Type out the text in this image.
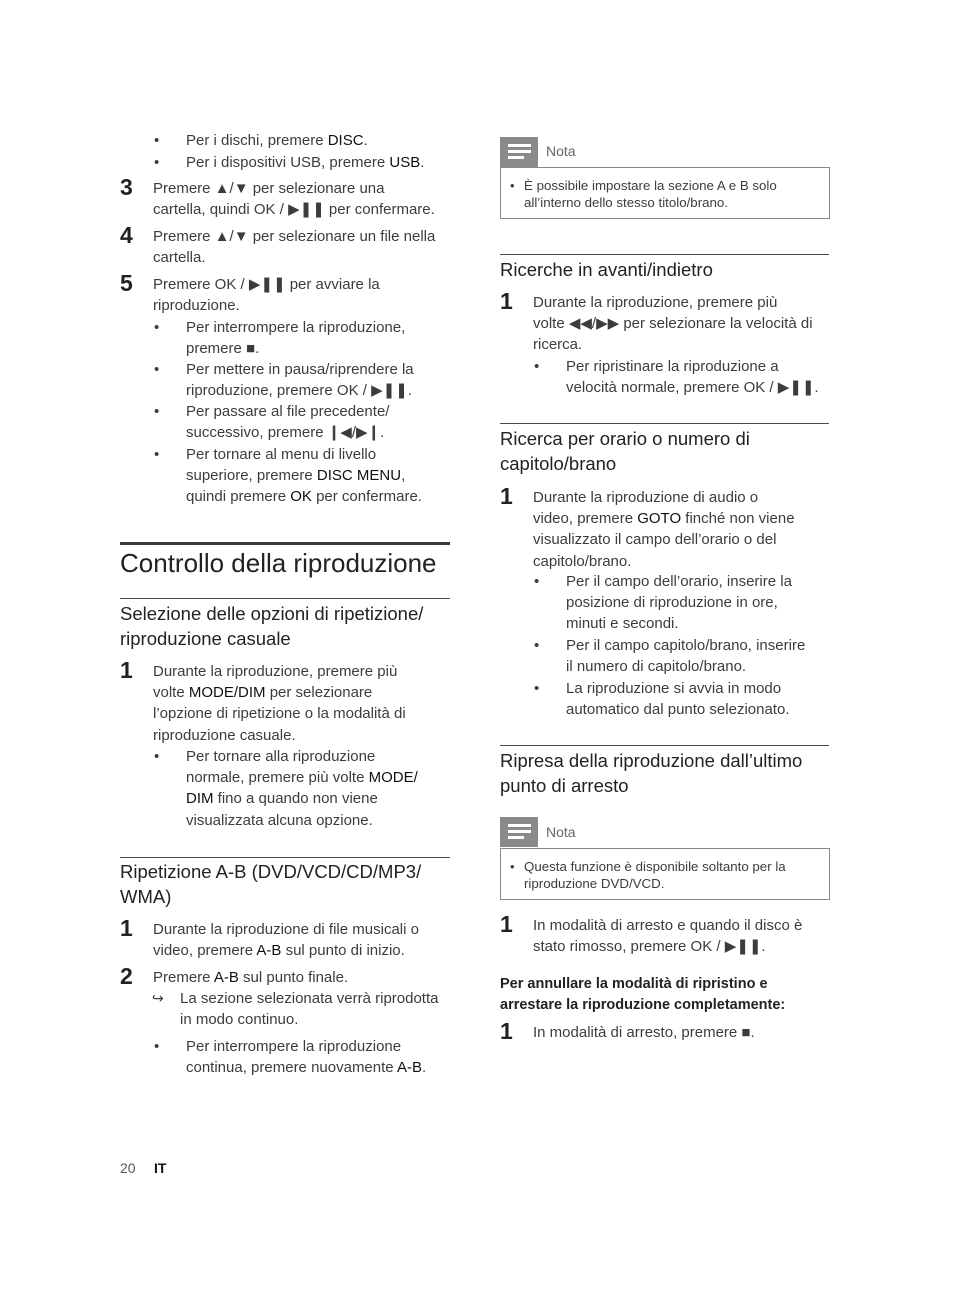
• Per i dischi, premere DISC.
• Per i dispositivi USB, premere USB.
3 Premere ▲/▼ per selezionare una
cartella, quindi OK / ▶❚❚ per confermare.
4 Premere ▲/▼ per selezionare un file nella
cartella.
5 Premere OK / ▶❚❚ per avviare la
riproduzione.
• Per interrompere la riproduzione,
premere ■.
• Per mettere in pausa/riprendere la
riproduzione, premere OK / ▶❚❚.
• Per passare al file precedente/
successivo, premere ❙◀/▶❙.
• Per tornare al menu di livello
superiore, premere DISC MENU,
quindi premere OK per confermare.
Controllo della riproduzione
Selezione delle opzioni di ripetizione/
riproduzione casuale
1 Durante la riproduzione, premere più
volte MODE/DIM per selezionare
l’opzione di ripetizione o la modalità di
riproduzione casuale.
• Per tornare alla riproduzione
normale, premere più volte MODE/
DIM fino a quando non viene
visualizzata alcuna opzione.
Ripetizione A-B (DVD/VCD/CD/MP3/
WMA)
1 Durante la riproduzione di file musicali o
video, premere A-B sul punto di inizio.
2 Premere A-B sul punto finale.
↪ La sezione selezionata verrà riprodotta
in modo continuo.
• Per interrompere la riproduzione
continua, premere nuovamente A-B.
Nota
• È possibile impostare la sezione A e B solo
all’interno dello stesso titolo/brano.
Ricerche in avanti/indietro
1 Durante la riproduzione, premere più
volte ◀◀/▶▶ per selezionare la velocità di
ricerca.
• Per ripristinare la riproduzione a
velocità normale, premere OK / ▶❚❚.
Ricerca per orario o numero di
capitolo/brano
1 Durante la riproduzione di audio o
video, premere GOTO finché non viene
visualizzato il campo dell’orario o del
capitolo/brano.
• Per il campo dell’orario, inserire la
posizione di riproduzione in ore,
minuti e secondi.
• Per il campo capitolo/brano, inserire
il numero di capitolo/brano.
• La riproduzione si avvia in modo
automatico dal punto selezionato.
Ripresa della riproduzione dall’ultimo
punto di arresto
Nota
• Questa funzione è disponibile soltanto per la
riproduzione DVD/VCD.
1 In modalità di arresto e quando il disco è
stato rimosso, premere OK / ▶❚❚.
Per annullare la modalità di ripristino e
arrestare la riproduzione completamente:
1 In modalità di arresto, premere ■.
20 IT
